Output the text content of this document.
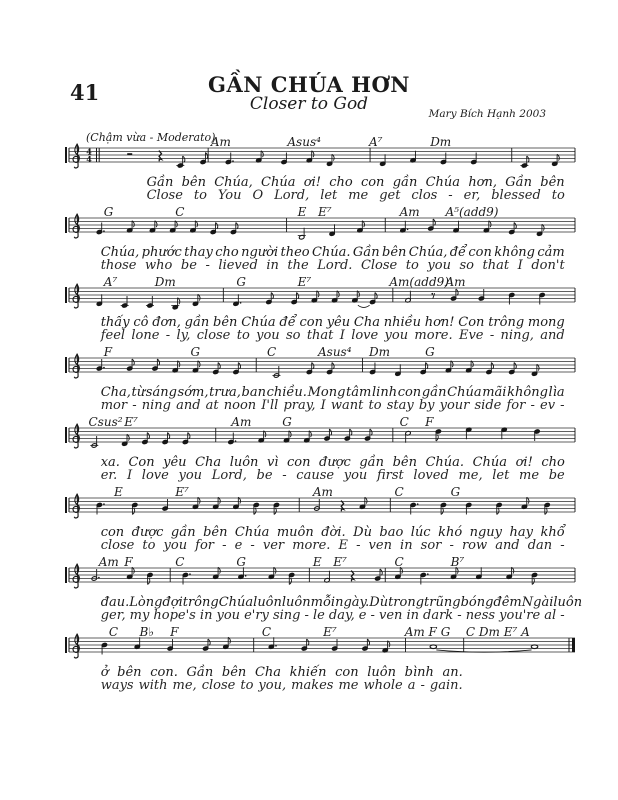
41	GẦN CHÚA HƠN
Closer to God	Mary Bích Hạnh 2003
(Chậm vừa - Moderato)
Am	Asus⁴	A⁷	Dm
4
4
Gần bên Chúa, Chúa ơi! cho con gần Chúa hơn, Gần bên
Close to You O Lord, let me get clos - er, blessed to
G	C	E E⁷	Am A⁵(add9)
Chúa, phước thay cho người theo Chúa. Gần bên Chúa, để con không cảm
those who be - lieved in the Lord. Close to you so that I don't
A⁷	Dm	G	E⁷	Am(add9)
Am
thấy cô đơn, gần bên Chúa để con yêu Cha nhiều hơn! Con trông mong
feel lone - ly, close to you so that I love you more. Eve - ning, and
F	G	C	Asus⁴ Dm	G
Cha, từ sáng sớm, trưa, ban chiều. Mong tâm linh con gần Chúa mãi không lìa
mor - ning and at noon I'll pray, I want to stay by your side for - ev -
Csus² E⁷	Am	G	C F
xa. Con yêu Cha luôn vì con được gần bên Chúa. Chúa ơi! cho
er. I love you Lord, be - cause you first loved me, let me be
E	E⁷	Am	C	G
con được gần bên Chúa muôn đời. Dù bao lúc khó nguy hay khổ
close to you for - e - ver more. E - ven in sor - row and dan -
Am F	C	G	E E⁷	C	B⁷
đau. Lòng đợi trông Chúa luôn luôn mỗi ngày. Dù trong trũng bóng đêm Ngài luôn
ger, my hope's in you e'ry sing - le day, e - ven in dark - ness you're al -
C B♭ F	C	E⁷	Am F G C Dm E⁷ A
ở bên con. Gần bên Cha khiến con luôn bình an.
ways with me, close to you, makes me whole a - gain.
